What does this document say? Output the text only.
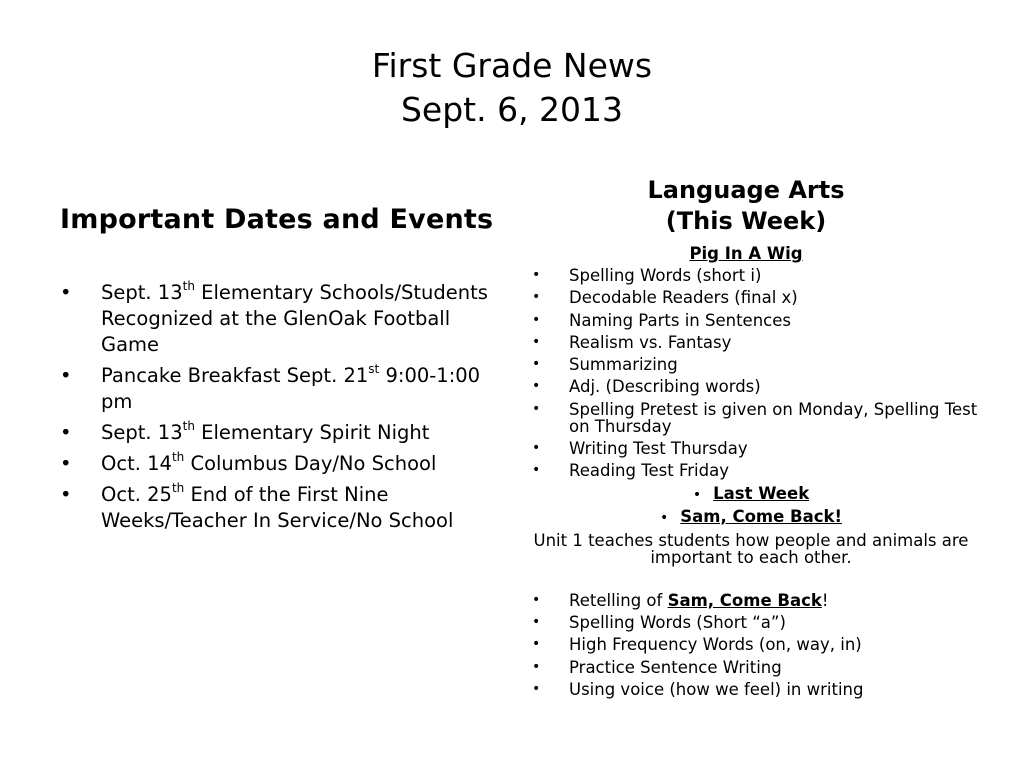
First Grade News
Sept. 6, 2013
Important Dates and Events
• Sept. 13th Elementary Schools/Students Recognized at the GlenOak Football Game
• Pancake Breakfast Sept. 21st 9:00-1:00 pm
• Sept. 13th Elementary Spirit Night
• Oct. 14th Columbus Day/No School
• Oct. 25th End of the First Nine Weeks/Teacher In Service/No School
Language Arts
(This Week)
Pig In A Wig
• Spelling Words (short i)
• Decodable Readers (final x)
• Naming Parts in Sentences
• Realism vs. Fantasy
• Summarizing
• Adj. (Describing words)
• Spelling Pretest is given on Monday, Spelling Test on Thursday
• Writing Test Thursday
• Reading Test Friday
• Last Week
• Sam, Come Back!
Unit 1 teaches students how people and animals are important to each other.
• Retelling of Sam, Come Back!
• Spelling Words (Short “a”)
• High Frequency Words (on, way, in)
• Practice Sentence Writing
• Using voice (how we feel) in writing
